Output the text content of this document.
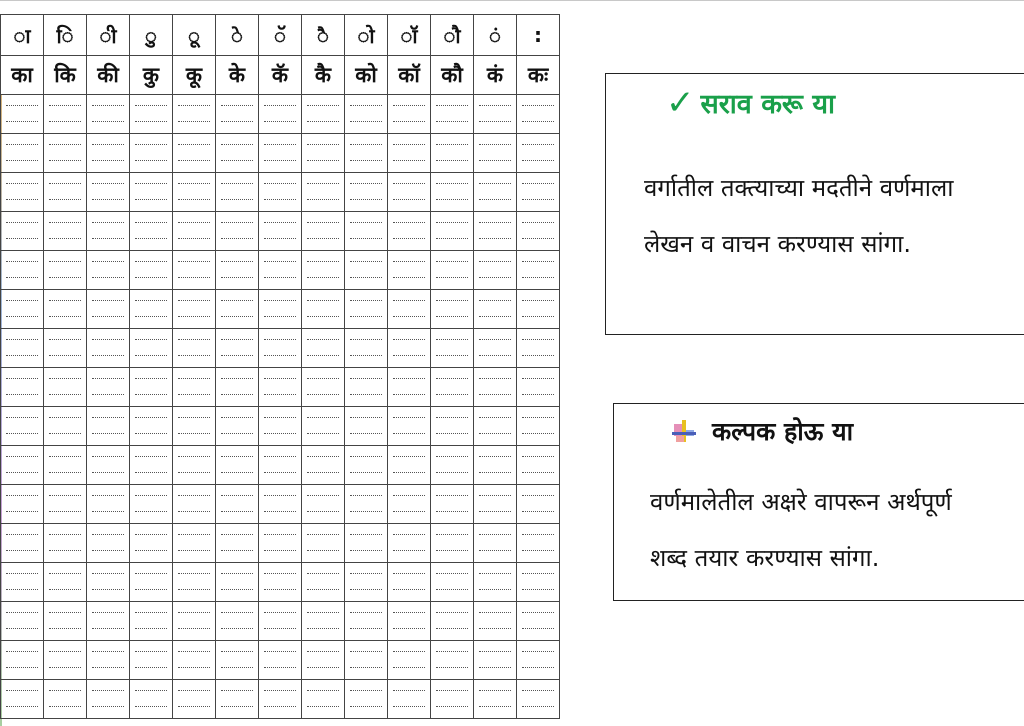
ा	ि	ी	ु	ू	े	ॅ	ै	ो	ॉ	ौ	ं	:
का	कि	की	कु	कू	के	कॅ	कै	को	कॉ	कौ	कं	कः

✓ सराव करू या
वर्गातील तक्त्याच्या मदतीने वर्णमाला
लेखन व वाचन करण्यास सांगा.
कल्पक होऊ या
वर्णमालेतील अक्षरे वापरून अर्थपूर्ण
शब्द तयार करण्यास सांगा.
